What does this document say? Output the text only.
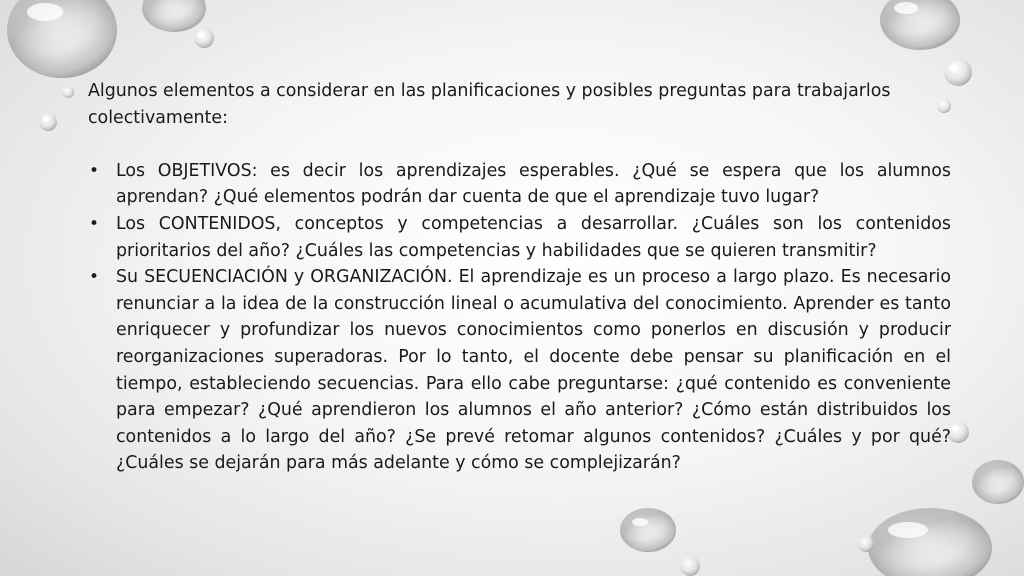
Algunos elementos a considerar en las planificaciones y posibles preguntas para trabajarlos colectivamente:

• Los OBJETIVOS: es decir los aprendizajes esperables. ¿Qué se espera que los alumnos aprendan? ¿Qué elementos podrán dar cuenta de que el aprendizaje tuvo lugar?
• Los CONTENIDOS, conceptos y competencias a desarrollar. ¿Cuáles son los contenidos prioritarios del año? ¿Cuáles las competencias y habilidades que se quieren transmitir?
• Su SECUENCIACIÓN y ORGANIZACIÓN. El aprendizaje es un proceso a largo plazo. Es necesario renunciar a la idea de la construcción lineal o acumulativa del conocimiento. Aprender es tanto enriquecer y profundizar los nuevos conocimientos como ponerlos en discusión y producir reorganizaciones superadoras. Por lo tanto, el docente debe pensar su planificación en el tiempo, estableciendo secuencias. Para ello cabe preguntarse: ¿qué contenido es conveniente para empezar? ¿Qué aprendieron los alumnos el año anterior? ¿Cómo están distribuidos los contenidos a lo largo del año? ¿Se prevé retomar algunos contenidos? ¿Cuáles y por qué? ¿Cuáles se dejarán para más adelante y cómo se complejizarán?
